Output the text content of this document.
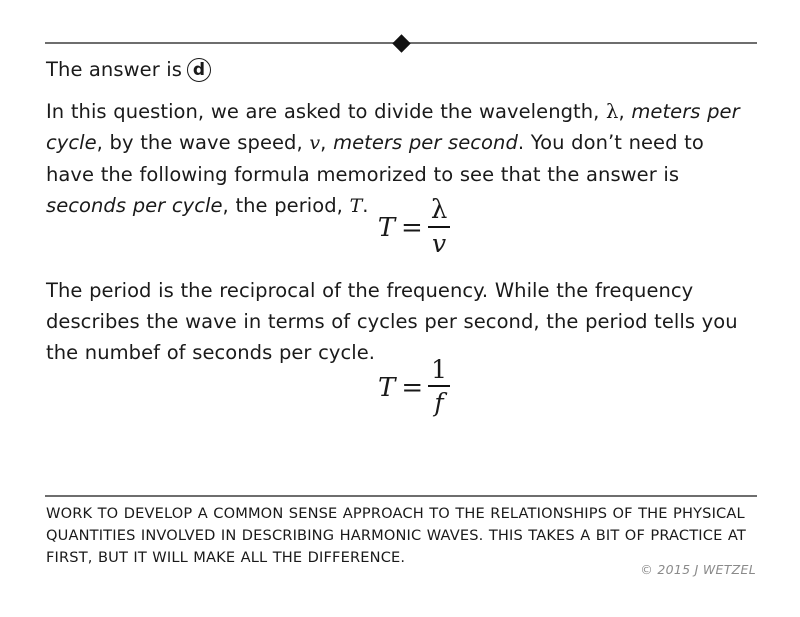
The answer is d
In this question, we are asked to divide the wavelength, λ, meters per cycle, by the wave speed, v, meters per second. You don’t need to have the following formula memorized to see that the answer is seconds per cycle, the period, T.
$T = \frac{\lambda}{v}$
The period is the reciprocal of the frequency. While the frequency describes the wave in terms of cycles per second, the period tells you the numbef of seconds per cycle.
$T = \frac{1}{f}$
WORK TO DEVELOP A COMMON SENSE APPROACH TO THE RELATIONSHIPS OF THE PHYSICAL QUANTITIES INVOLVED IN DESCRIBING HARMONIC WAVES. THIS TAKES A BIT OF PRACTICE AT FIRST, BUT IT WILL MAKE ALL THE DIFFERENCE.
© 2015 J WETZEL
